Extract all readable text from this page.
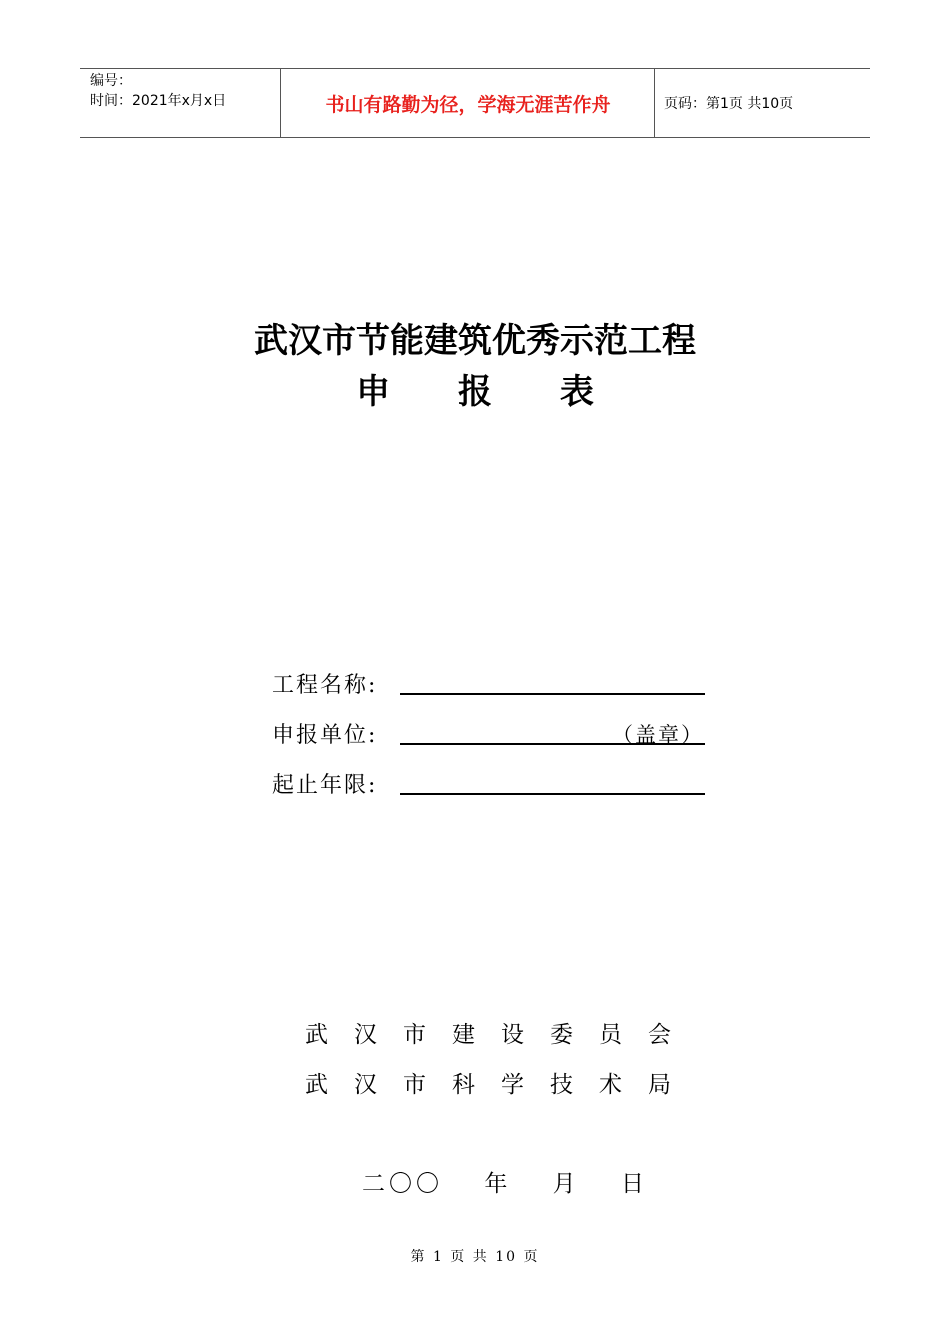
编号：
时间：2021年x月x日	书山有路勤为径，学海无涯苦作舟	页码：第1页 共10页
武汉市节能建筑优秀示范工程
申 报 表
工程名称:
申报单位:	（盖章）
起止年限:
武汉市建设委员会
武汉市科学技术局
二〇〇 年 月 日
第 1 页 共 10 页
